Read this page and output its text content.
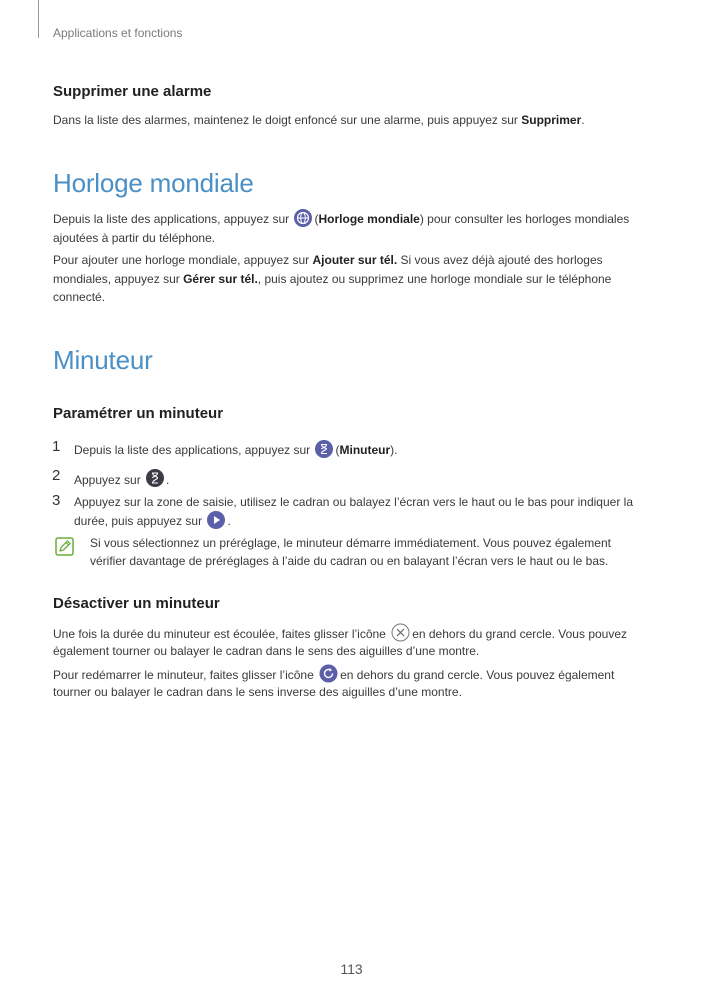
Applications et fonctions
Supprimer une alarme

Dans la liste des alarmes, maintenez le doigt enfoncé sur une alarme, puis appuyez sur Supprimer.

Horloge mondiale

Depuis la liste des applications, appuyez sur (Horloge mondiale) pour consulter les horloges mondiales

ajoutées à partir du téléphone.

Pour ajouter une horloge mondiale, appuyez sur Ajouter sur tél. Si vous avez déjà ajouté des horloges

mondiales, appuyez sur Gérer sur tél., puis ajoutez ou supprimez une horloge mondiale sur le téléphone

connecté.

Minuteur
Paramétrer un minuteur
1	Depuis la liste des applications, appuyez sur (Minuteur).

2	Appuyez sur .

3	Appuyez sur la zone de saisie, utilisez le cadran ou balayez l’écran vers le haut ou le bas pour indiquer la

durée, puis appuyez sur .

Si vous sélectionnez un préréglage, le minuteur démarre immédiatement. Vous pouvez également

vérifier davantage de préréglages à l’aide du cadran ou en balayant l’écran vers le haut ou le bas.

Désactiver un minuteur

Une fois la durée du minuteur est écoulée, faites glisser l’icône en dehors du grand cercle. Vous pouvez

également tourner ou balayer le cadran dans le sens des aiguilles d’une montre.

Pour redémarrer le minuteur, faites glisser l’icône en dehors du grand cercle. Vous pouvez également

tourner ou balayer le cadran dans le sens inverse des aiguilles d’une montre.

113
